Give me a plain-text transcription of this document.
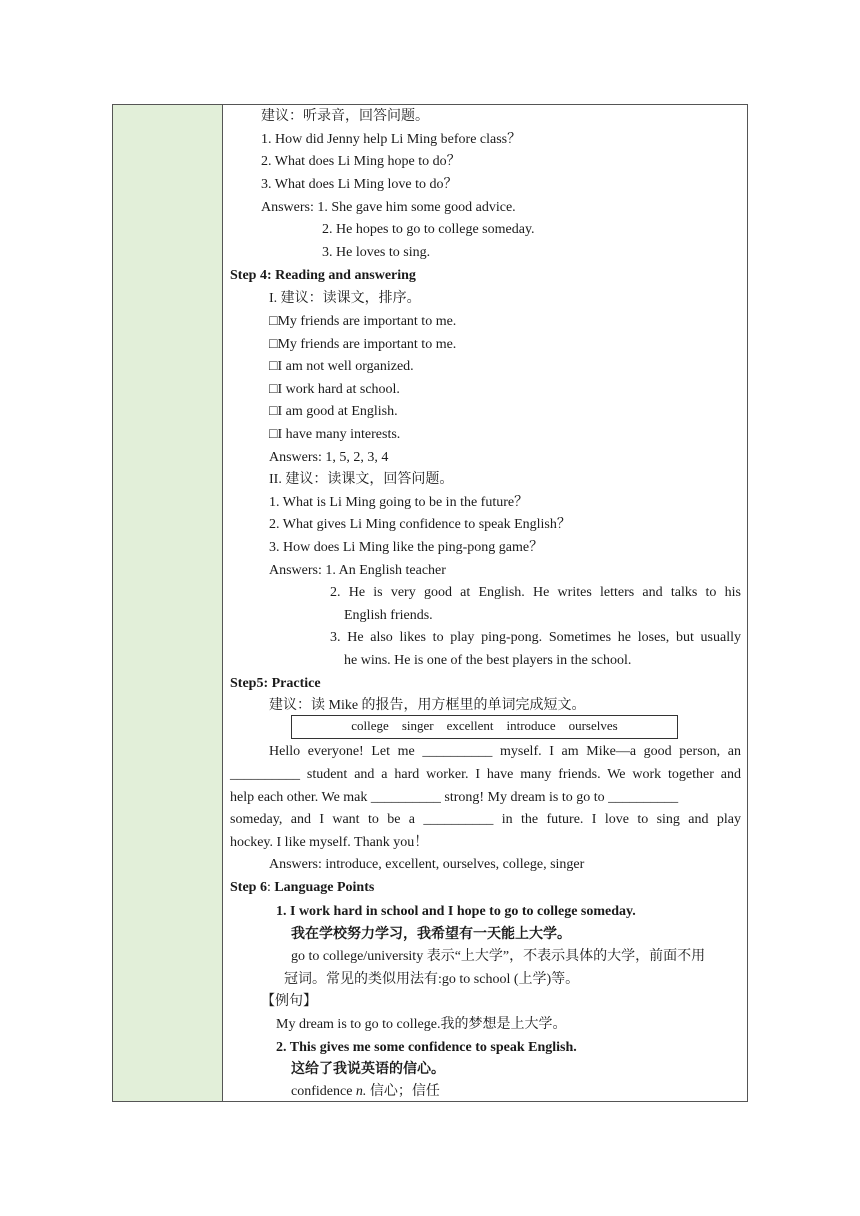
建议：听录音，回答问题。
1. How did Jenny help Li Ming before class？
2. What does Li Ming hope to do？
3. What does Li Ming love to do？
Answers: 1. She gave him some good advice.
2. He hopes to go to college someday.
3. He loves to sing.
Step 4: Reading and answering
I. 建议：读课文，排序。
□My friends are important to me.
□My friends are important to me.
□I am not well organized.
□I work hard at school.
□I am good at English.
□I have many interests.
Answers: 1, 5, 2, 3, 4
II. 建议：读课文，回答问题。
1. What is Li Ming going to be in the future？
2. What gives Li Ming confidence to speak English？
3. How does Li Ming like the ping-pong game？
Answers: 1. An English teacher
2. He is very good at English. He writes letters and talks to his
English friends.
3. He also likes to play ping-pong. Sometimes he loses, but usually
he wins. He is one of the best players in the school.
Step5: Practice
建议：读 Mike 的报告，用方框里的单词完成短文。
college    singer    excellent    introduce    ourselves
Hello everyone! Let me __________ myself. I am Mike—a good person, an
__________ student and a hard worker. I have many friends. We work together and
help each other. We mak __________ strong! My dream is to go to __________
someday, and I want to be a __________ in the future. I love to sing and play
hockey. I like myself. Thank you！
Answers: introduce, excellent, ourselves, college, singer
Step 6: Language Points
1. I work hard in school and I hope to go to college someday.
我在学校努力学习，我希望有一天能上大学。
go to college/university 表示“上大学”，不表示具体的大学，前面不用
冠词。常见的类似用法有:go to school (上学)等。
【例句】
My dream is to go to college.我的梦想是上大学。
2. This gives me some confidence to speak English.
这给了我说英语的信心。
confidence n. 信心；信任
